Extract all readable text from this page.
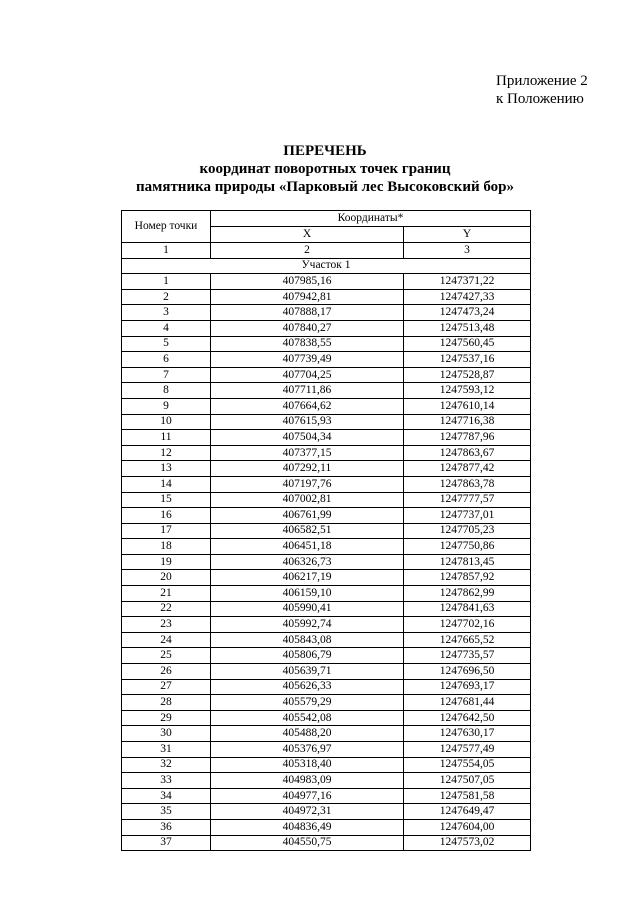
Приложение 2
к Положению
ПЕРЕЧЕНЬ
координат поворотных точек границ
памятника природы «Парковый лес Высоковский бор»
Номер точки	Координаты*	
	X	Y
1	2	3
Участок 1		
1	407985,16	1247371,22
2	407942,81	1247427,33
3	407888,17	1247473,24
4	407840,27	1247513,48
5	407838,55	1247560,45
6	407739,49	1247537,16
7	407704,25	1247528,87
8	407711,86	1247593,12
9	407664,62	1247610,14
10	407615,93	1247716,38
11	407504,34	1247787,96
12	407377,15	1247863,67
13	407292,11	1247877,42
14	407197,76	1247863,78
15	407002,81	1247777,57
16	406761,99	1247737,01
17	406582,51	1247705,23
18	406451,18	1247750,86
19	406326,73	1247813,45
20	406217,19	1247857,92
21	406159,10	1247862,99
22	405990,41	1247841,63
23	405992,74	1247702,16
24	405843,08	1247665,52
25	405806,79	1247735,57
26	405639,71	1247696,50
27	405626,33	1247693,17
28	405579,29	1247681,44
29	405542,08	1247642,50
30	405488,20	1247630,17
31	405376,97	1247577,49
32	405318,40	1247554,05
33	404983,09	1247507,05
34	404977,16	1247581,58
35	404972,31	1247649,47
36	404836,49	1247604,00
37	404550,75	1247573,02
